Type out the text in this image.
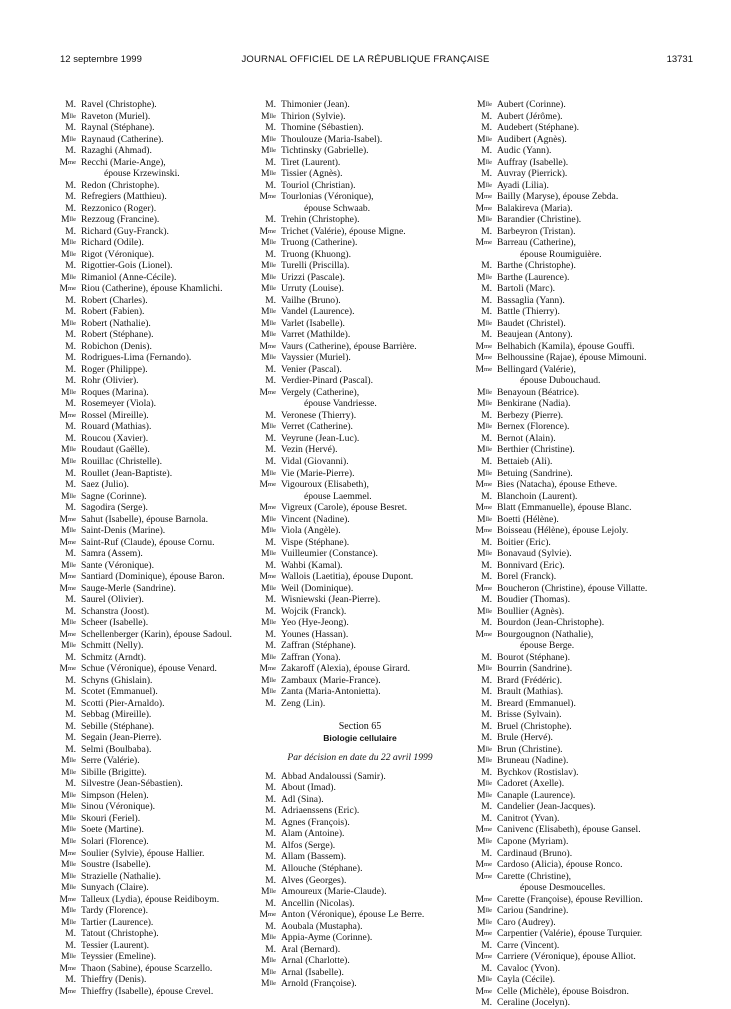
12 septembre 1999	JOURNAL OFFICIEL DE LA RÉPUBLIQUE FRANÇAISE	13731
M. Ravel (Christophe).
$M^{lle}$ Raveton (Muriel).
M. Raynal (Stéphane).
$M^{lle}$ Raynaud (Catherine).
M. Razaghi (Ahmad).
$M^{me}$ Recchi (Marie-Ange),
épouse Krzewinski.
M. Redon (Christophe).
M. Refregiers (Matthieu).
M. Rezzonico (Roger).
$M^{lle}$ Rezzoug (Francine).
M. Richard (Guy-Franck).
$M^{lle}$ Richard (Odile).
$M^{lle}$ Rigot (Véronique).
M. Rigottier-Gois (Lionel).
$M^{lle}$ Rimaniol (Anne-Cécile).
$M^{me}$ Riou (Catherine), épouse Khamlichi.
M. Robert (Charles).
M. Robert (Fabien).
$M^{lle}$ Robert (Nathalie).
M. Robert (Stéphane).
M. Robichon (Denis).
M. Rodrigues-Lima (Fernando).
M. Roger (Philippe).
M. Rohr (Olivier).
$M^{lle}$ Roques (Marina).
M. Rosemeyer (Viola).
$M^{me}$ Rossel (Mireille).
M. Rouard (Mathias).
M. Roucou (Xavier).
$M^{lle}$ Roudaut (Gaëlle).
$M^{lle}$ Rouillac (Christelle).
M. Roullet (Jean-Baptiste).
M. Saez (Julio).
$M^{lle}$ Sagne (Corinne).
M. Sagodira (Serge).
$M^{me}$ Sahut (Isabelle), épouse Barnola.
$M^{lle}$ Saint-Denis (Marine).
$M^{me}$ Saint-Ruf (Claude), épouse Cornu.
M. Samra (Assem).
$M^{lle}$ Sante (Véronique).
$M^{me}$ Santiard (Dominique), épouse Baron.
$M^{me}$ Sauge-Merle (Sandrine).
M. Saurel (Olivier).
M. Schanstra (Joost).
$M^{lle}$ Scheer (Isabelle).
$M^{me}$ Schellenberger (Karin), épouse Sadoul.
$M^{lle}$ Schmitt (Nelly).
M. Schmitz (Arndt).
$M^{me}$ Schue (Véronique), épouse Venard.
M. Schyns (Ghislain).
M. Scotet (Emmanuel).
M. Scotti (Pier-Arnaldo).
M. Sebbag (Mireille).
M. Sebille (Stéphane).
M. Segain (Jean-Pierre).
M. Selmi (Boulbaba).
$M^{lle}$ Serre (Valérie).
$M^{lle}$ Sibille (Brigitte).
M. Silvestre (Jean-Sébastien).
$M^{lle}$ Simpson (Helen).
$M^{lle}$ Sinou (Véronique).
$M^{lle}$ Skouri (Feriel).
$M^{lle}$ Soete (Martine).
$M^{lle}$ Solari (Florence).
$M^{me}$ Soulier (Sylvie), épouse Hallier.
$M^{lle}$ Soustre (Isabelle).
$M^{lle}$ Strazielle (Nathalie).
$M^{lle}$ Sunyach (Claire).
$M^{me}$ Talleux (Lydia), épouse Reidiboym.
$M^{lle}$ Tardy (Florence).
$M^{lle}$ Tartier (Laurence).
M. Tatout (Christophe).
M. Tessier (Laurent).
$M^{lle}$ Teyssier (Emeline).
$M^{me}$ Thaon (Sabine), épouse Scarzello.
M. Thieffry (Denis).
$M^{me}$ Thieffry (Isabelle), épouse Crevel.
M. Thimonier (Jean).
$M^{lle}$ Thirion (Sylvie).
M. Thomine (Sébastien).
$M^{lle}$ Thoulouze (Maria-Isabel).
$M^{lle}$ Tichtinsky (Gabrielle).
M. Tiret (Laurent).
$M^{lle}$ Tissier (Agnès).
M. Touriol (Christian).
$M^{me}$ Tourlonias (Véronique),
épouse Schwaab.
M. Trehin (Christophe).
$M^{me}$ Trichet (Valérie), épouse Migne.
$M^{lle}$ Truong (Catherine).
M. Truong (Khuong).
$M^{lle}$ Turelli (Priscilla).
$M^{lle}$ Urizzi (Pascale).
$M^{lle}$ Urruty (Louise).
M. Vailhe (Bruno).
$M^{lle}$ Vandel (Laurence).
$M^{lle}$ Varlet (Isabelle).
$M^{lle}$ Varret (Mathilde).
$M^{me}$ Vaurs (Catherine), épouse Barrière.
$M^{lle}$ Vayssier (Muriel).
M. Venier (Pascal).
M. Verdier-Pinard (Pascal).
$M^{me}$ Vergely (Catherine),
épouse Vandriesse.
M. Veronese (Thierry).
$M^{lle}$ Verret (Catherine).
M. Veyrune (Jean-Luc).
M. Vezin (Hervé).
M. Vidal (Giovanni).
$M^{lle}$ Vie (Marie-Pierre).
$M^{me}$ Vigouroux (Elisabeth),
épouse Laemmel.
$M^{me}$ Vigreux (Carole), épouse Besret.
$M^{lle}$ Vincent (Nadine).
$M^{lle}$ Viola (Angèle).
M. Vispe (Stéphane).
$M^{lle}$ Vuilleumier (Constance).
M. Wahbi (Kamal).
$M^{me}$ Wallois (Laetitia), épouse Dupont.
$M^{lle}$ Weil (Dominique).
M. Wisniewski (Jean-Pierre).
M. Wojcik (Franck).
$M^{lle}$ Yeo (Hye-Jeong).
M. Younes (Hassan).
M. Zaffran (Stéphane).
$M^{lle}$ Zaffran (Yona).
$M^{me}$ Zakaroff (Alexia), épouse Girard.
$M^{lle}$ Zambaux (Marie-France).
$M^{lle}$ Zanta (Maria-Antonietta).
M. Zeng (Lin).
Section 65
Biologie cellulaire
Par décision en date du 22 avril 1999
M. Abbad Andaloussi (Samir).
M. About (Imad).
M. Adl (Sina).
M. Adriaenssens (Eric).
M. Agnes (François).
M. Alam (Antoine).
M. Alfos (Serge).
M. Allam (Bassem).
M. Allouche (Stéphane).
M. Alves (Georges).
$M^{lle}$ Amoureux (Marie-Claude).
M. Ancellin (Nicolas).
$M^{me}$ Anton (Véronique), épouse Le Berre.
M. Aoubala (Mustapha).
$M^{lle}$ Appia-Ayme (Corinne).
M. Aral (Bernard).
$M^{lle}$ Arnal (Charlotte).
$M^{lle}$ Arnal (Isabelle).
$M^{lle}$ Arnold (Françoise).
$M^{lle}$ Aubert (Corinne).
M. Aubert (Jérôme).
M. Audebert (Stéphane).
$M^{lle}$ Audibert (Agnès).
M. Audic (Yann).
$M^{lle}$ Auffray (Isabelle).
M. Auvray (Pierrick).
$M^{lle}$ Ayadi (Lilia).
$M^{me}$ Bailly (Maryse), épouse Zebda.
$M^{me}$ Balakireva (Maria).
$M^{lle}$ Barandier (Christine).
M. Barbeyron (Tristan).
$M^{me}$ Barreau (Catherine),
épouse Roumiguière.
M. Barthe (Christophe).
$M^{lle}$ Barthe (Laurence).
M. Bartoli (Marc).
M. Bassaglia (Yann).
M. Battle (Thierry).
$M^{lle}$ Baudet (Christel).
M. Beaujean (Antony).
$M^{me}$ Belhabich (Kamila), épouse Gouffi.
$M^{me}$ Belhoussine (Rajae), épouse Mimouni.
$M^{me}$ Bellingard (Valérie),
épouse Dubouchaud.
$M^{lle}$ Benayoun (Béatrice).
$M^{lle}$ Benkirane (Nadia).
M. Berbezy (Pierre).
$M^{lle}$ Bernex (Florence).
M. Bernot (Alain).
$M^{lle}$ Berthier (Christine).
M. Bettaieb (Ali).
$M^{lle}$ Betuing (Sandrine).
$M^{me}$ Bies (Natacha), épouse Etheve.
M. Blanchoin (Laurent).
$M^{me}$ Blatt (Emmanuelle), épouse Blanc.
$M^{lle}$ Boetti (Hélène).
$M^{me}$ Boisseau (Hélène), épouse Lejoly.
M. Boitier (Eric).
$M^{lle}$ Bonavaud (Sylvie).
M. Bonnivard (Eric).
M. Borel (Franck).
$M^{me}$ Boucheron (Christine), épouse Villatte.
M. Boudier (Thomas).
$M^{lle}$ Boullier (Agnès).
M. Bourdon (Jean-Christophe).
$M^{me}$ Bourgougnon (Nathalie),
épouse Berge.
M. Bourot (Stéphane).
$M^{lle}$ Bourrin (Sandrine).
M. Brard (Frédéric).
M. Brault (Mathias).
M. Breard (Emmanuel).
M. Brisse (Sylvain).
M. Bruel (Christophe).
M. Brule (Hervé).
$M^{lle}$ Brun (Christine).
$M^{lle}$ Bruneau (Nadine).
M. Bychkov (Rostislav).
$M^{lle}$ Cadoret (Axelle).
$M^{lle}$ Canaple (Laurence).
M. Candelier (Jean-Jacques).
M. Canitrot (Yvan).
$M^{me}$ Canivenc (Elisabeth), épouse Gansel.
$M^{lle}$ Capone (Myriam).
M. Cardinaud (Bruno).
$M^{me}$ Cardoso (Alicia), épouse Ronco.
$M^{me}$ Carette (Christine),
épouse Desmoucelles.
$M^{me}$ Carette (Françoise), épouse Revillion.
$M^{lle}$ Cariou (Sandrine).
$M^{lle}$ Caro (Audrey).
$M^{me}$ Carpentier (Valérie), épouse Turquier.
M. Carre (Vincent).
$M^{me}$ Carriere (Véronique), épouse Alliot.
M. Cavaloc (Yvon).
$M^{lle}$ Cayla (Cécile).
$M^{me}$ Celle (Michèle), épouse Boisdron.
M. Ceraline (Jocelyn).
